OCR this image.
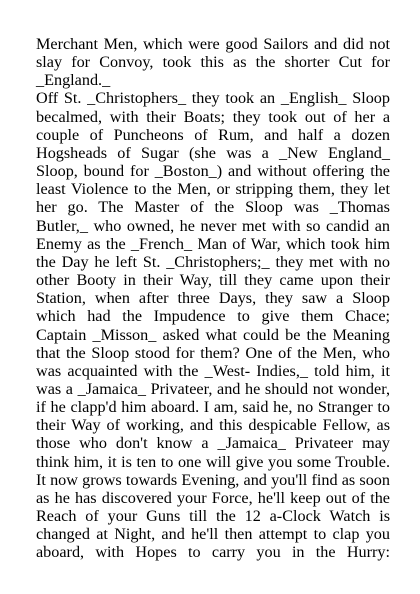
Merchant Men, which were good Sailors and did not slay for Convoy, took this as the shorter Cut for _England._

Off St. _Christophers_ they took an _English_ Sloop becalmed, with their Boats; they took out of her a couple of Puncheons of Rum, and half a dozen Hogsheads of Sugar (she was a _New England_ Sloop, bound for _Boston_) and without offering the least Violence to the Men, or stripping them, they let her go. The Master of the Sloop was _Thomas Butler,_ who owned, he never met with so candid an Enemy as the _French_ Man of War, which took him the Day he left St. _Christophers;_ they met with no other Booty in their Way, till they came upon their Station, when after three Days, they saw a Sloop which had the Impudence to give them Chace; Captain _Misson_ asked what could be the Meaning that the Sloop stood for them? One of the Men, who was acquainted with the _West- Indies,_ told him, it was a _Jamaica_ Privateer, and he should not wonder, if he clapp'd him aboard. I am, said he, no Stranger to their Way of working, and this despicable Fellow, as those who don't know a _Jamaica_ Privateer may think him, it is ten to one will give you some Trouble. It now grows towards Evening, and you'll find as soon as he has discovered your Force, he'll keep out of the Reach of your Guns till the 12 a-Clock Watch is changed at Night, and he'll then attempt to clap you aboard, with Hopes to carry you in the Hurry:
